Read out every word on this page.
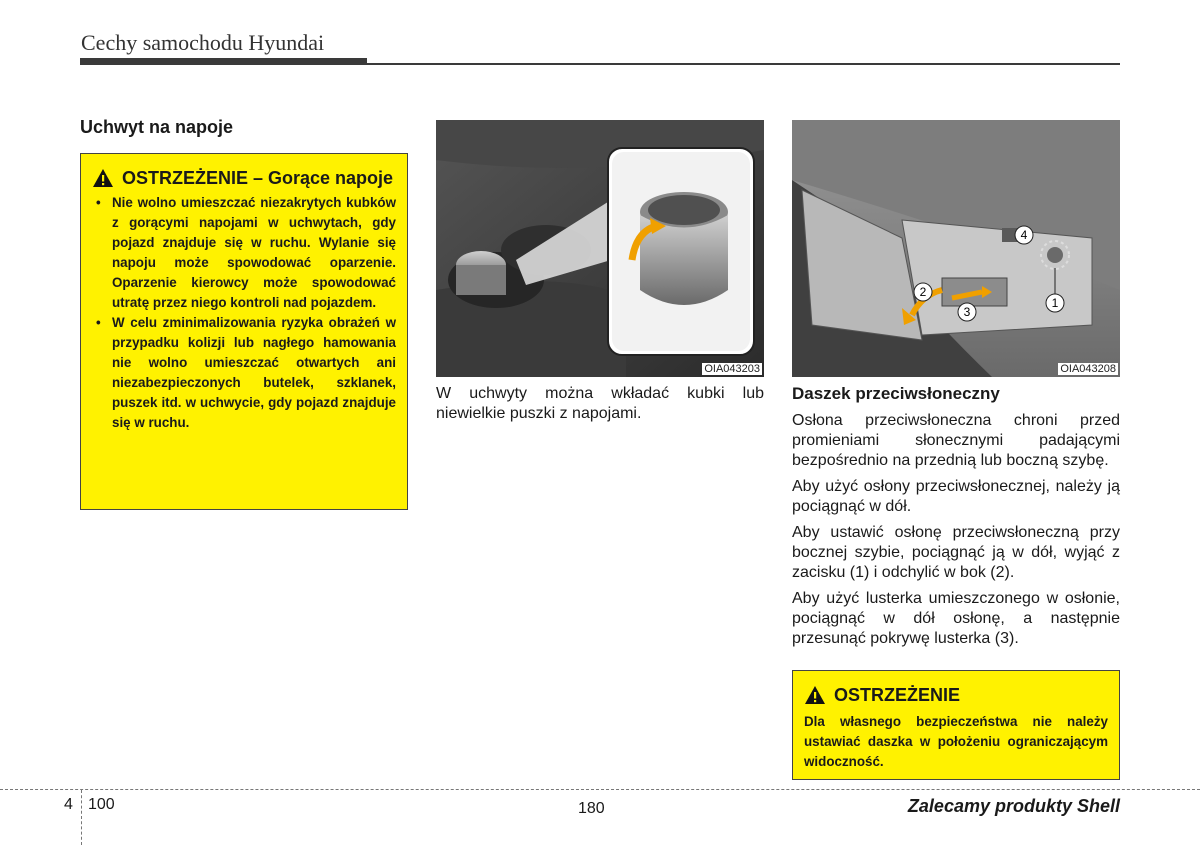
Cechy samochodu Hyundai
Uchwyt na napoje
OSTRZEŻENIE – Gorące napoje
• Nie wolno umieszczać niezakrytych kubków z gorącymi napojami w uchwytach, gdy pojazd znajduje się w ruchu. Wylanie się napoju może spowodować oparzenie. Oparzenie kierowcy może spowodować utratę przez niego kontroli nad pojazdem.
• W celu zminimalizowania ryzyka obrażeń w przypadku kolizji lub nagłego hamowania nie wolno umieszczać otwartych ani niezabezpieczonych butelek, szklanek, puszek itd. w uchwycie, gdy pojazd znajduje się w ruchu.
OIA043203
W uchwyty można wkładać kubki lub niewielkie puszki z napojami.
1
2
3
4
OIA043208
Daszek przeciwsłoneczny

Osłona przeciwsłoneczna chroni przed promieniami słonecznymi padającymi bezpośrednio na przednią lub boczną szybę.

Aby użyć osłony przeciwsłonecznej, należy ją pociągnąć w dół.

Aby ustawić osłonę przeciwsłoneczną przy bocznej szybie, pociągnąć ją w dół, wyjąć z zacisku (1) i odchylić w bok (2).

Aby użyć lusterka umieszczonego w osłonie, pociągnąć w dół osłonę, a następnie przesunąć pokrywę lusterka (3).

OSTRZEŻENIE
Dla własnego bezpieczeństwa nie należy ustawiać daszka w położeniu ograniczającym widoczność.
4 100	180	Zalecamy produkty Shell
